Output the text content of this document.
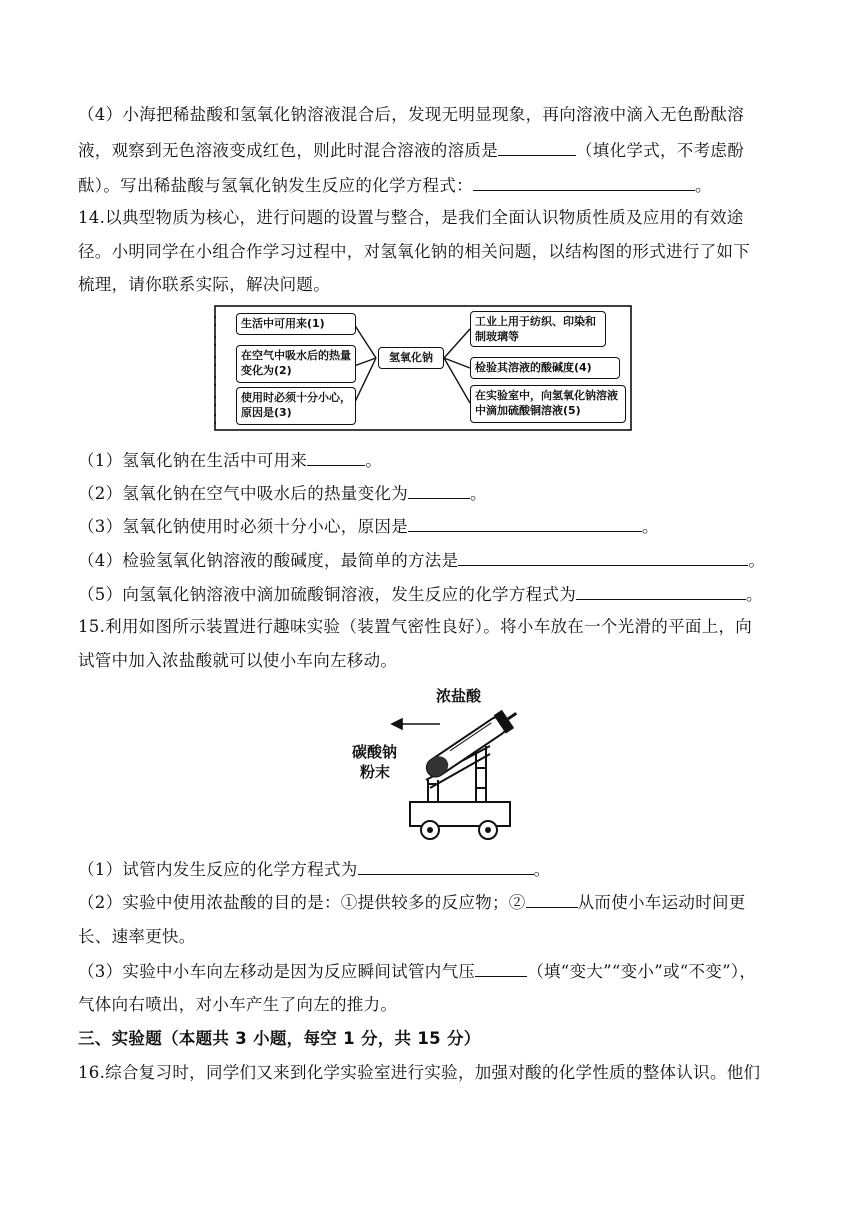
（4）小海把稀盐酸和氢氧化钠溶液混合后，发现无明显现象，再向溶液中滴入无色酚酞溶
液，观察到无色溶液变成红色，则此时混合溶液的溶质是	（填化学式，不考虑酚
酞）。写出稀盐酸与氢氧化钠发生反应的化学方程式：	。
14.以典型物质为核心，进行问题的设置与整合，是我们全面认识物质性质及应用的有效途
径。小明同学在小组合作学习过程中，对氢氧化钠的相关问题，以结构图的形式进行了如下
梳理，请你联系实际，解决问题。
生活中可用来(1)
在空气中吸水后的热量变化为(2)
使用时必须十分小心，原因是(3)
氢氧化钠
工业上用于纺织、印染和制玻璃等
检验其溶液的酸碱度(4)
在实验室中，向氢氧化钠溶液中滴加硫酸铜溶液(5)
（1）氢氧化钠在生活中可用来	。
（2）氢氧化钠在空气中吸水后的热量变化为	。
（3）氢氧化钠使用时必须十分小心，原因是	。
（4）检验氢氧化钠溶液的酸碱度，最简单的方法是	。
（5）向氢氧化钠溶液中滴加硫酸铜溶液，发生反应的化学方程式为	。
15.利用如图所示装置进行趣味实验（装置气密性良好）。将小车放在一个光滑的平面上，向
试管中加入浓盐酸就可以使小车向左移动。
浓盐酸
碳酸钠
粉末
（1）试管内发生反应的化学方程式为	。
（2）实验中使用浓盐酸的目的是：①提供较多的反应物；②	从而使小车运动时间更
长、速率更快。
（3）实验中小车向左移动是因为反应瞬间试管内气压	（填“变大”“变小”或“不变”），
气体向右喷出，对小车产生了向左的推力。
三、实验题（本题共 3 小题，每空 1 分，共 15 分）
16.综合复习时，同学们又来到化学实验室进行实验，加强对酸的化学性质的整体认识。他们
